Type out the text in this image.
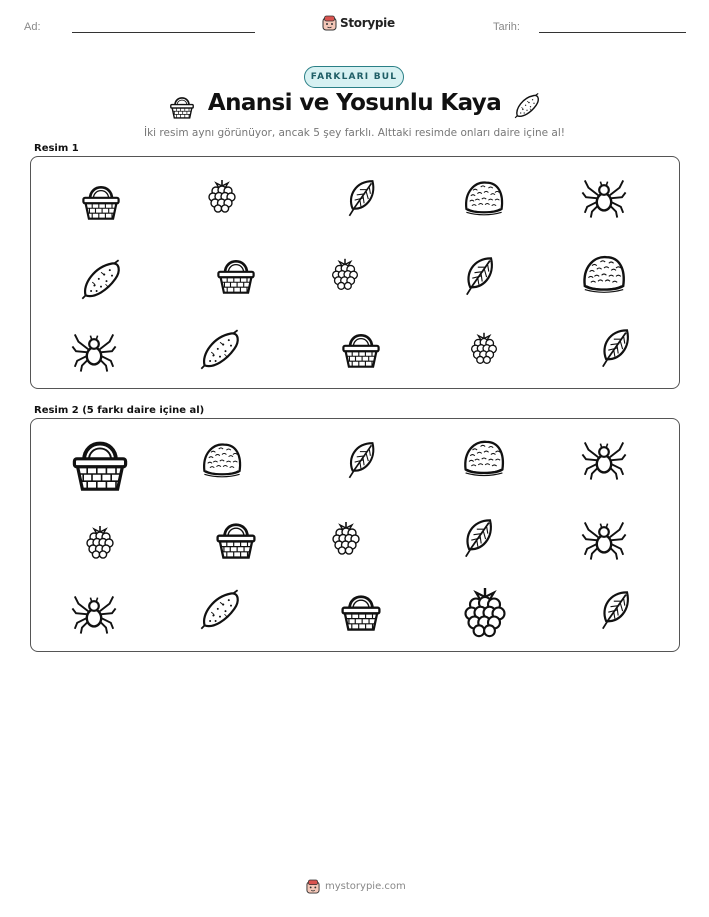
Ad:	Storypie	Tarih:
FARKLARI BUL
Anansi ve Yosunlu Kaya
İki resim aynı görünüyor, ancak 5 şey farklı. Alttaki resimde onları daire içine al!
Resim 1
Resim 2 (5 farkı daire içine al)
mystorypie.com
